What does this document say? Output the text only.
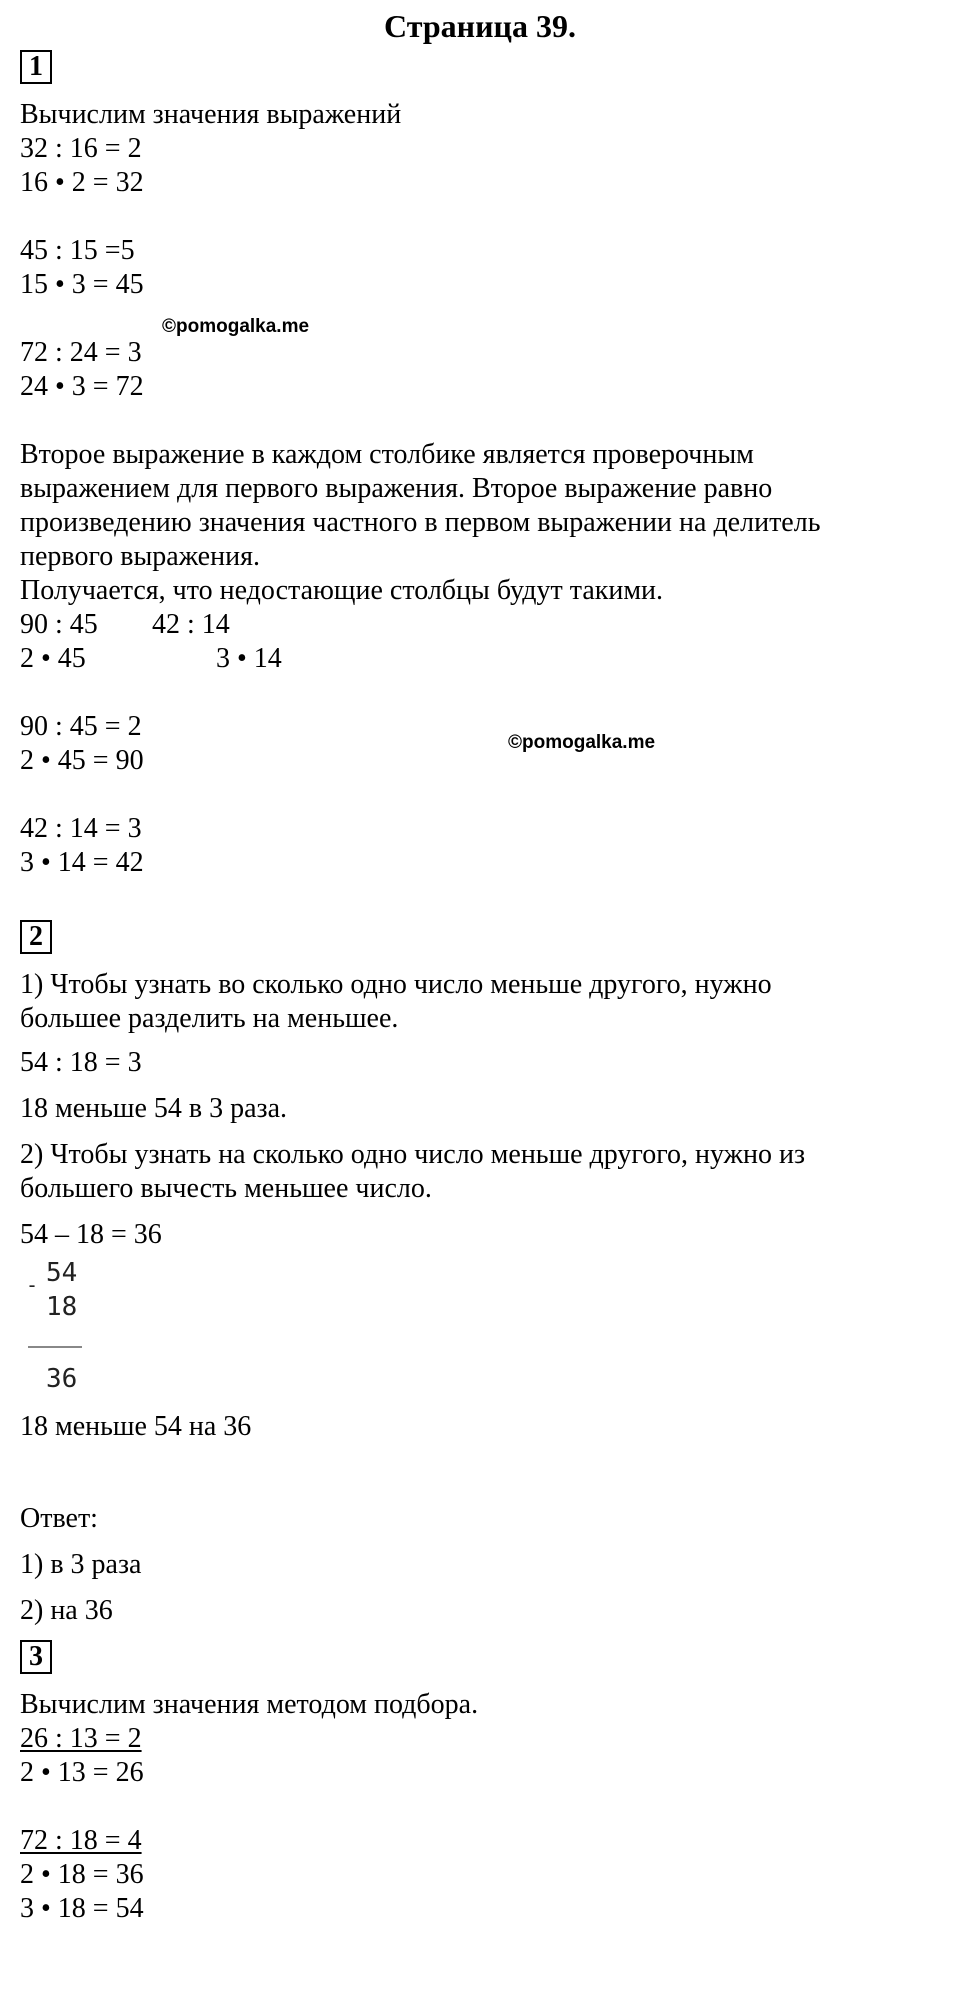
Страница 39.
1
Вычислим значения выражений
32 : 16 = 2
16 • 2 = 32
45 : 15 =5
15 • 3 = 45
©pomogalka.me
72 : 24 = 3
24 • 3 = 72
Второе выражение в каждом столбике является проверочным
выражением для первого выражения. Второе выражение равно
произведению значения частного в первом выражении на делитель
первого выражения.
Получается, что недостающие столбцы будут такими.
90 : 45 42 : 14
2 • 45	3 • 14
90 : 45 = 2
©pomogalka.me
2 • 45 = 90
42 : 14 = 3
3 • 14 = 42
2
1) Чтобы узнать во сколько одно число меньше другого, нужно
большее разделить на меньшее.
54 : 18 = 3
18 меньше 54 в 3 раза.
2) Чтобы узнать на сколько одно число меньше другого, нужно из
большего вычесть меньшее число.
54 – 18 = 36
- 54
18
36
18 меньше 54 на 36
Ответ:
1) в 3 раза
2) на 36
3
Вычислим значения методом подбора.
26 : 13 = 2
2 • 13 = 26
72 : 18 = 4
2 • 18 = 36
3 • 18 = 54
